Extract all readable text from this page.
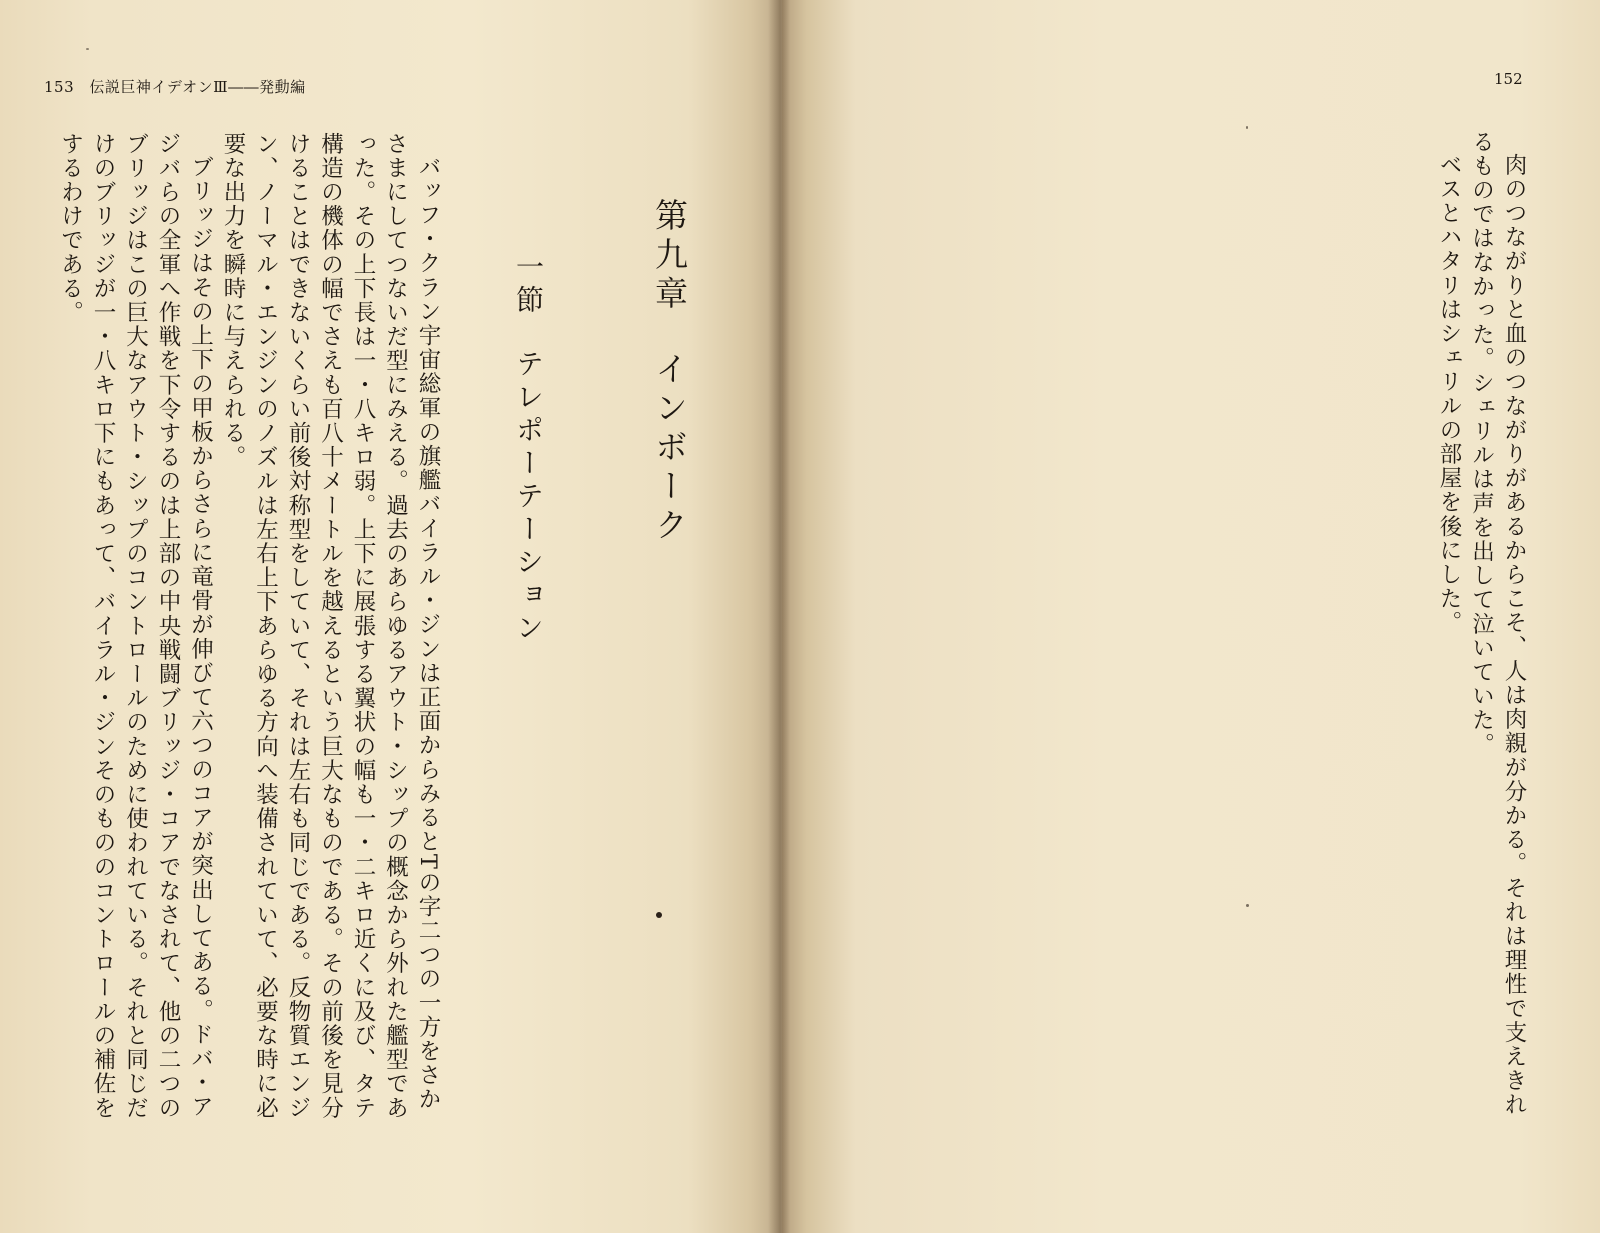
153 伝説巨神イデオンⅢ――発動編
第九章インボーク
一節テレポーテーション

バッフ・クラン宇宙総軍の旗艦バイラル・ジンは正面からみるとTの字二つの一方をさかさまにしてつないだ型にみえる。過去のあらゆるアウト・シップの概念から外れた艦型であった。その上下長は一・八キロ弱。上下に展張する翼状の幅も一・二キロ近くに及び、タテ構造の機体の幅でさえも百八十メートルを越えるという巨大なものである。その前後を見分けることはできないくらい前後対称型をしていて、それは左右も同じである。反物質エンジン、ノーマル・エンジンのノズルは左右上下あらゆる方向へ装備されていて、必要な時に必要な出力を瞬時に与えられる。

ブリッジはその上下の甲板からさらに竜骨が伸びて六つのコアが突出してある。ドバ・アジバらの全軍へ作戦を下令するのは上部の中央戦闘ブリッジ・コアでなされて、他の二つのブリッジはこの巨大なアウト・シップのコントロールのために使われている。それと同じだけのブリッジが一・八キロ下にもあって、バイラル・ジンそのもののコントロールの補佐をするわけである。

152

肉のつながりと血のつながりがあるからこそ、人は肉親が分かる。それは理性で支えきれるものではなかった。シェリルは声を出して泣いていた。

ベスとハタリはシェリルの部屋を後にした。
